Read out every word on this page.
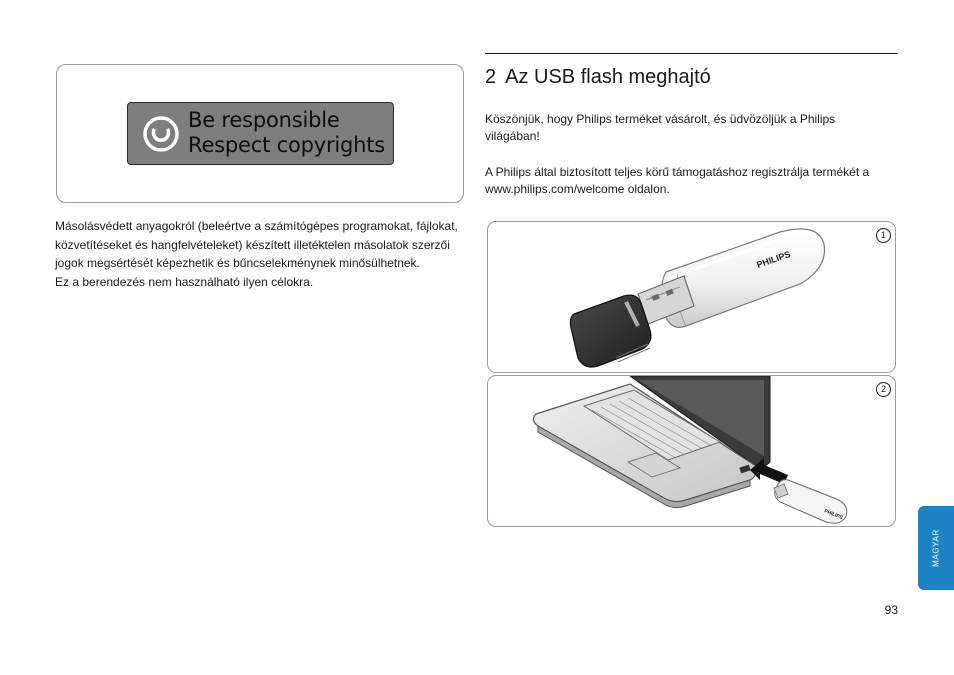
Be responsible
Respect copyrights

Másolásvédett anyagokról (beleértve a számítógépes programokat, fájlokat, közvetítéseket és hangfelvételeket) készített illetéktelen másolatok szerzői jogok megsértését képezhetik és bűncselekménynek minősülhetnek.

Ez a berendezés nem használható ilyen célokra.

2 Az USB flash meghajtó

Köszönjük, hogy Philips terméket vásárolt, és üdvözöljük a Philips világában!

A Philips által biztosított teljes körű támogatáshoz regisztrálja termékét a www.philips.com/welcome oldalon.

PHILIPS
1
PHILIPS
2
MAGYAR
93
